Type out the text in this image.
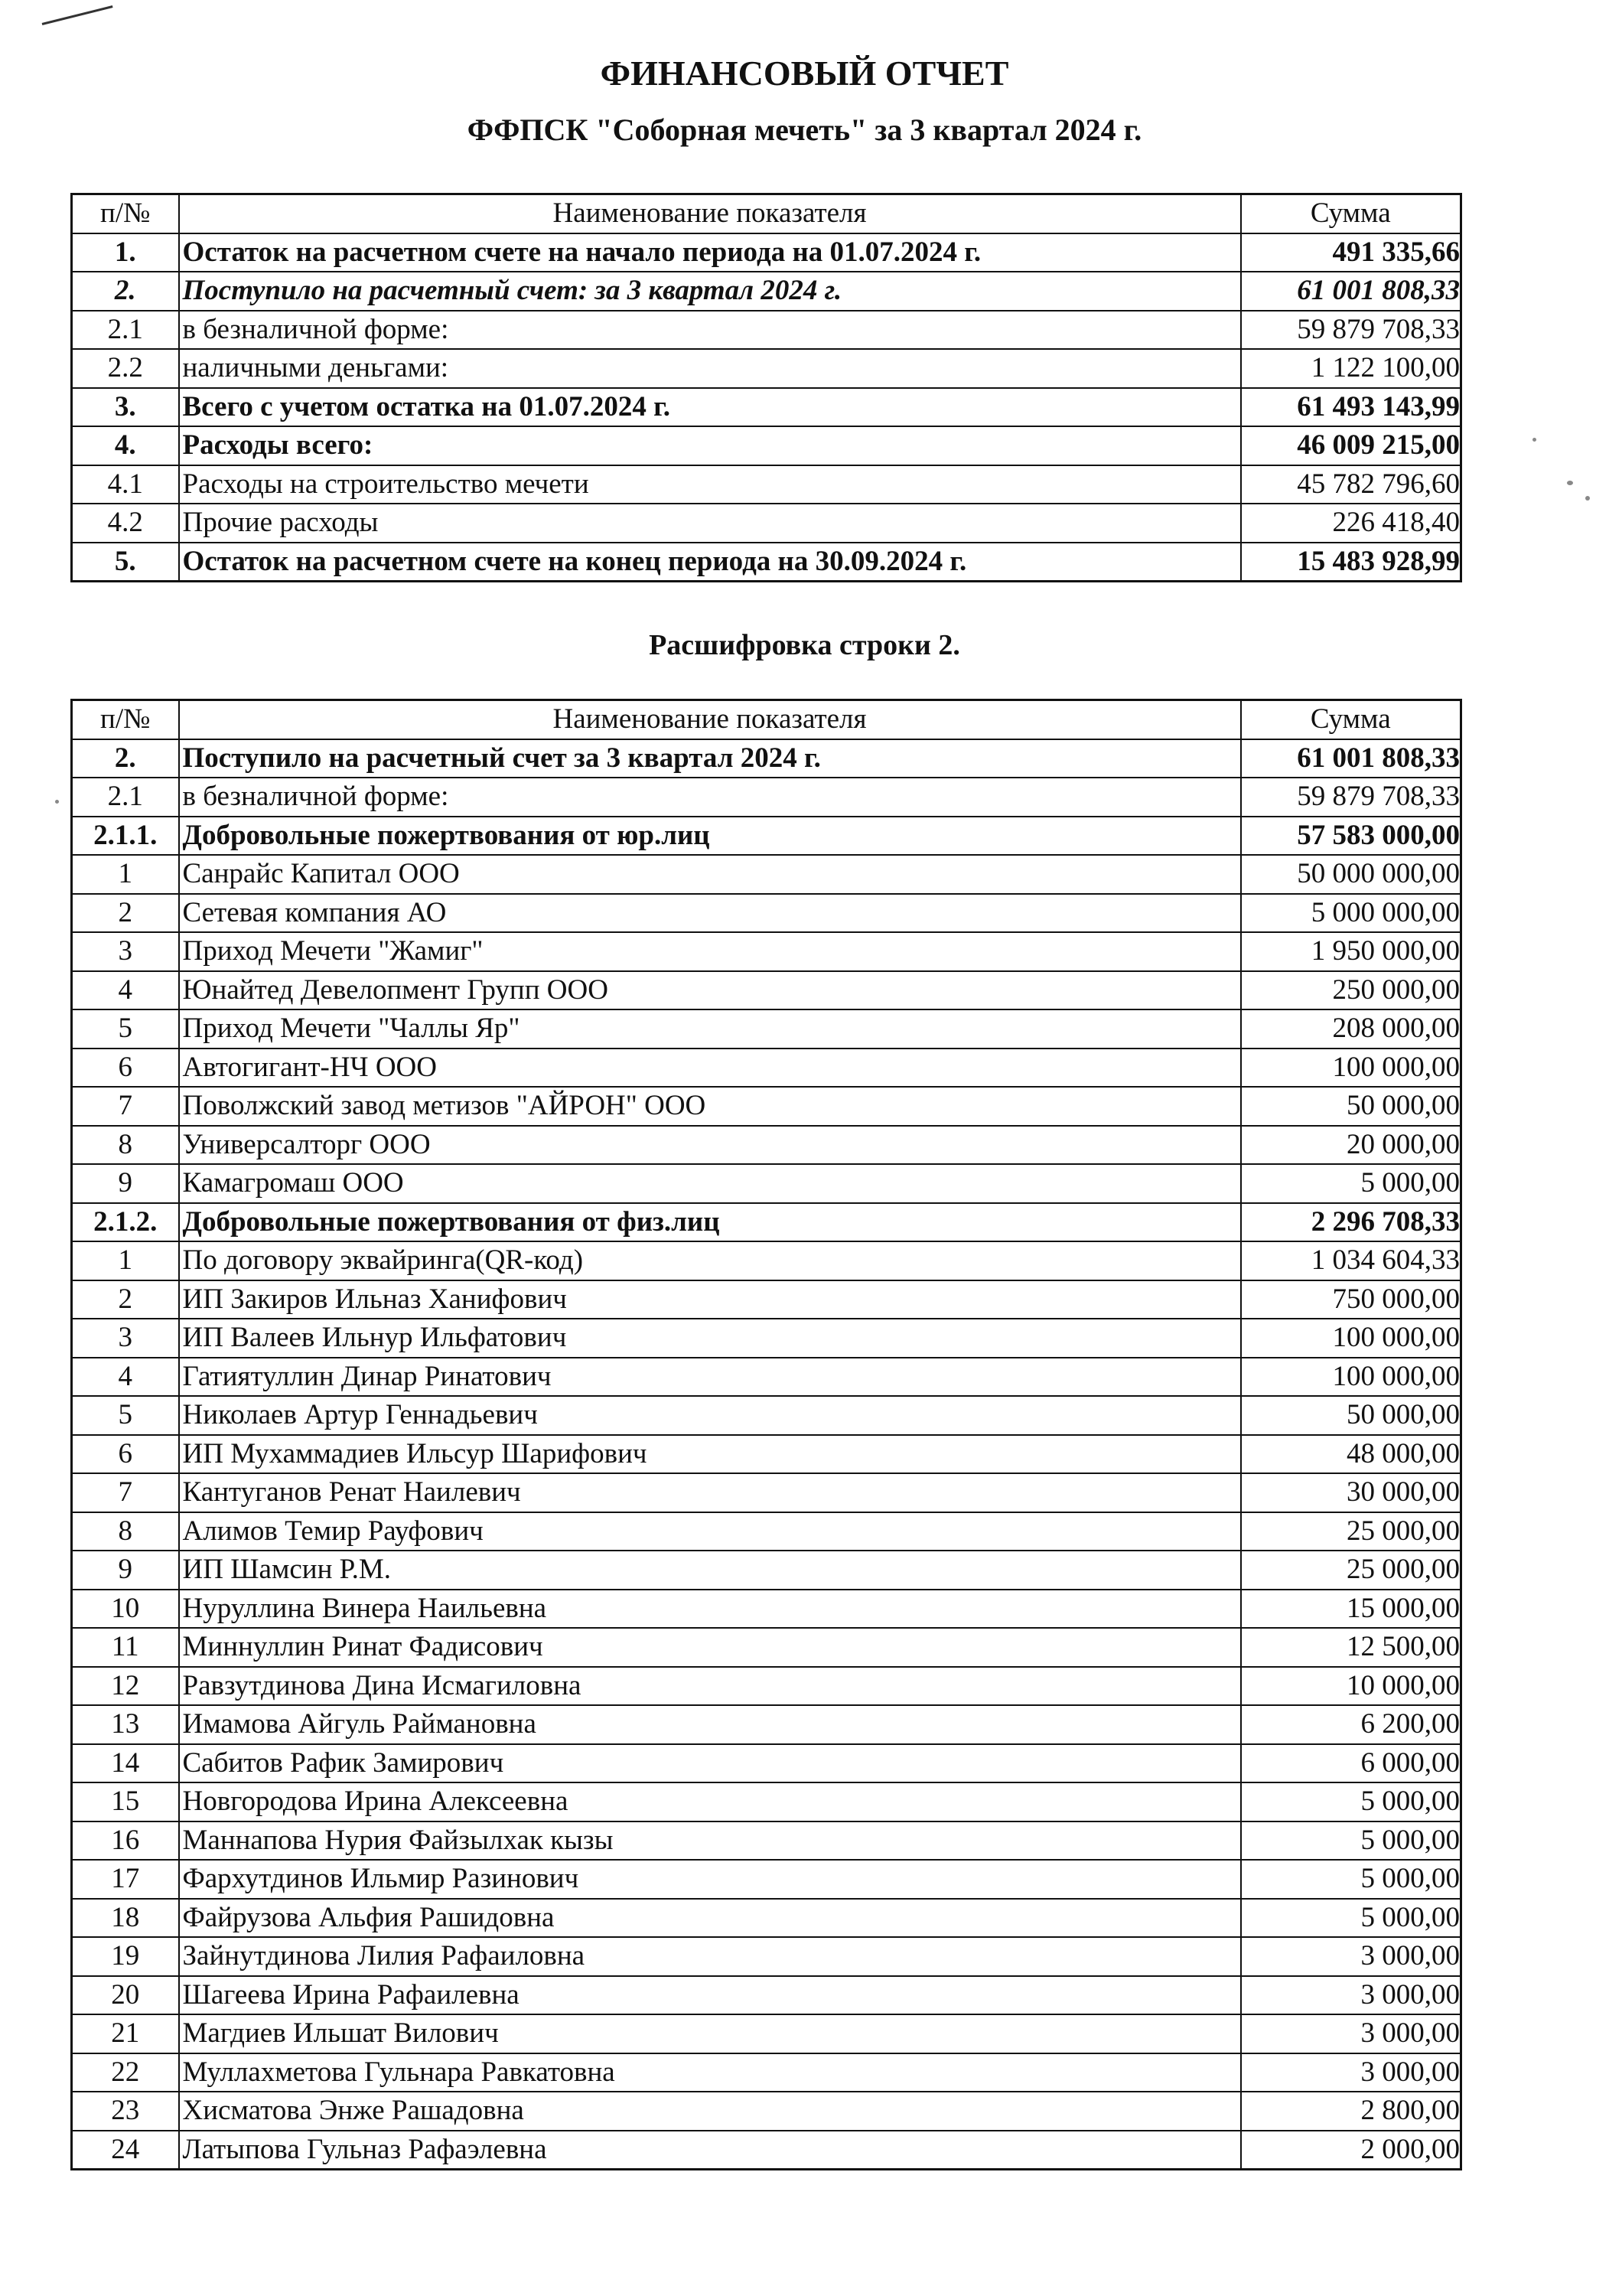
ФИНАНСОВЫЙ ОТЧЕТ
ФФПСК "Соборная мечеть" за 3 квартал 2024 г.
п/№	Наименование показателя	Сумма
1.	Остаток на расчетном счете на начало периода на 01.07.2024 г.	491 335,66
2.	Поступило на расчетный счет: за 3 квартал 2024 г.	61 001 808,33
2.1	в безналичной форме:	59 879 708,33
2.2	наличными деньгами:	1 122 100,00
3.	Всего с учетом остатка на 01.07.2024 г.	61 493 143,99
4.	Расходы всего:	46 009 215,00
4.1	Расходы на строительство мечети	45 782 796,60
4.2	Прочие расходы	226 418,40
5.	Остаток на расчетном счете на конец периода на 30.09.2024 г.	15 483 928,99
Расшифровка строки 2.
п/№	Наименование показателя	Сумма
2.	Поступило на расчетный счет за 3 квартал 2024 г.	61 001 808,33
2.1	в безналичной форме:	59 879 708,33
2.1.1.	Добровольные пожертвования от юр.лиц	57 583 000,00
1	Санрайс Капитал ООО	50 000 000,00
2	Сетевая компания АО	5 000 000,00
3	Приход Мечети "Жамиг"	1 950 000,00
4	Юнайтед Девелопмент Групп ООО	250 000,00
5	Приход Мечети "Чаллы Яр"	208 000,00
6	Автогигант-НЧ ООО	100 000,00
7	Поволжский завод метизов "АЙРОН" ООО	50 000,00
8	Универсалторг ООО	20 000,00
9	Камагромаш ООО	5 000,00
2.1.2.	Добровольные пожертвования от физ.лиц	2 296 708,33
1	По договору эквайринга(QR-код)	1 034 604,33
2	ИП Закиров Ильназ Ханифович	750 000,00
3	ИП Валеев Ильнур Ильфатович	100 000,00
4	Гатиятуллин Динар Ринатович	100 000,00
5	Николаев Артур Геннадьевич	50 000,00
6	ИП Мухаммадиев Ильсур Шарифович	48 000,00
7	Кантуганов Ренат Наилевич	30 000,00
8	Алимов Темир Рауфович	25 000,00
9	ИП Шамсин Р.М.	25 000,00
10	Нуруллина Винера Наильевна	15 000,00
11	Миннуллин Ринат Фадисович	12 500,00
12	Равзутдинова Дина Исмагиловна	10 000,00
13	Имамова Айгуль Раймановна	6 200,00
14	Сабитов Рафик Замирович	6 000,00
15	Новгородова Ирина Алексеевна	5 000,00
16	Маннапова Нурия Файзылхак кызы	5 000,00
17	Фархутдинов Ильмир Разинович	5 000,00
18	Файрузова Альфия Рашидовна	5 000,00
19	Зайнутдинова Лилия Рафаиловна	3 000,00
20	Шагеева Ирина Рафаилевна	3 000,00
21	Магдиев Ильшат Вилович	3 000,00
22	Муллахметова Гульнара Равкатовна	3 000,00
23	Хисматова Энже Рашадовна	2 800,00
24	Латыпова Гульназ Рафаэлевна	2 000,00
